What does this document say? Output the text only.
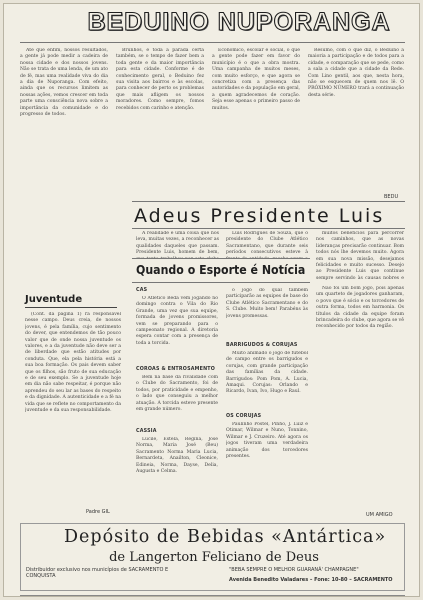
BEDUINO NUPORANGA

Até que enfim, nossos resultados, a gente já pode medir a cadeira de nossa cidade e dos nossos jovens. Não se trata de uma lenda, de um ato de fé, mas uma realidade viva do dia a dia de Nuporanga. Com efeito, ainda que os recursos limitem as nossas ações, vemos crescer em toda parte uma consciência nova sobre a importância da comunidade e do progresso de todos.

Brunhos, é toda a parada certa também, se o tempo de fazer bem a toda gente e da maior importância para esta cidade. Conforme é de conhecimento geral, o Beduino fez sua visita aos bairros e às escolas, para conhecer de perto os problemas que mais afligem os nossos moradores. Como sempre, fomos recebidos com carinho e atenção.

Econômico, escolar e social, o que a gente pode fazer em favor do município é o que a obra mostra. Uma campanha de muitos meses, com muito esforço, e que agora se concretiza com a presença das autoridades e da população em geral, a quem agradecemos de coração. Seja esse apenas o primeiro passo de muitos.

Resumo, com o que diz, o Beduino a maioria a participação e de todos para a cidade, e comparação que se pede, como a sala a cidade que a cidade da Rede. Com Lino gentil, aos que, nesta hora, não se esquecem de quem nos lê. O PRÓXIMO NÚMERO trará a continuação desta série.

BEDU
Adeus Presidente Luis

A realidade é uma coisa que nos leva, muitas vezes, a reconhecer as qualidades daqueles que passam. Presidente Luis, homem de bem,

Luis Rodrigues de Souza, que o presidente do Clube Atlético Sacramentano, que durante seis períodos consecutivos esteve à

muitos benefícios para percorrer nos caminhos, que as novas lideranças precisarão continuar. Bom todos nós lhe devemos muito. Agora em sua nova missão, desejamos felicidades e muito sucesso. Desejo ao Presidente Luis que continue sempre servindo às causas nobres e

Quando o Esporte é Notícia
Juventude

(Cont. da página 1) rá responsável nesse campo. Deus creia, de nossos jovens, é pela família, cujo sentimento do dever, que entendemos de tão pouco valor que de onde nossa juventude os valores, e a da juventude não deve ser a de liberdade que estão atitudes por conduta. Que, ela pela história está a sua boa formação. Os pais devem saber que os filhos, são fruto de sua educação e de seu exemplo. Se a juventude hoje em dia não sabe respeitar, é porque não aprendeu do seu lar as bases do respeito e da dignidade. A autenticidade e a fé na vida que se reflete no comportamento da juventude e da sua responsabilidade.

Padre GIL
CAS

O Atlético Beda vem jogando no domingo contra o Vila do Rio Grande, uma vez que sua equipe, formada de jovens promissores, vem se preparando para o campeonato regional. A diretoria espera contar com a presença de toda a torcida.

COROAS & ENTROSAMENTO

Bem na base da rivalidade com o Clube do Sacramento, foi de todos, por praticidade e empenho, o lado que conseguiu a melhor atuação. A torcida esteve presente em grande número.

CASSIA

Lucile, Estela, Regina, Jose Norma, Maria José (Beu) Sacramento Norma Maria Lucia, Bernardeta, Anailton, Cleonice, Edineia, Norma, Dayse, Delia, Augusta e Celma.

o jogo do qual também participarão as equipes de base do Clube Atlético Sacramentano e do S. Clube. Muito bem! Parabéns às jovens promessas.

BARRIGUDOS & CORUJAS

Muito animado o jogo de futebol de campo entre os barrigudos e corujas, com grande participação das famílias da cidade. Barrigudos: Pom Pom, A. Lucia, Amaqui. Corujas: Orlando e Ricardo, Ivan, Ivo, Hugo e Raul.

OS CORUJAS

Paulinho Postel, Pinho, J. Luiz e Otimar, Wilmar e Nuno, Tonnino, Wilmar e J. Cruzeiro. Até agora os jogos tiveram uma verdadeira animação dos torcedores presentes.

Não foi um bom jogo, pois apenas um quarteto de jogadores ganharam, o povo que é sócio e os torcedores de outra forma, todos em harmonia. Os títulos da cidade da equipe foram brincadeira do clube, que agora se vê reconhecido por todos da região.

UM AMIGO
Depósito de Bebidas «Antártica»
de Langerton Feliciano de Deus
Distribuidor exclusivo nos municípios de SACRAMENTO E CONQUISTA
"BEBA SEMPRE O MELHOR GUARANÁ' CHAMPAGNE"
Avenida Benedito Valadares – Fone: 10-80 – SACRAMENTO
